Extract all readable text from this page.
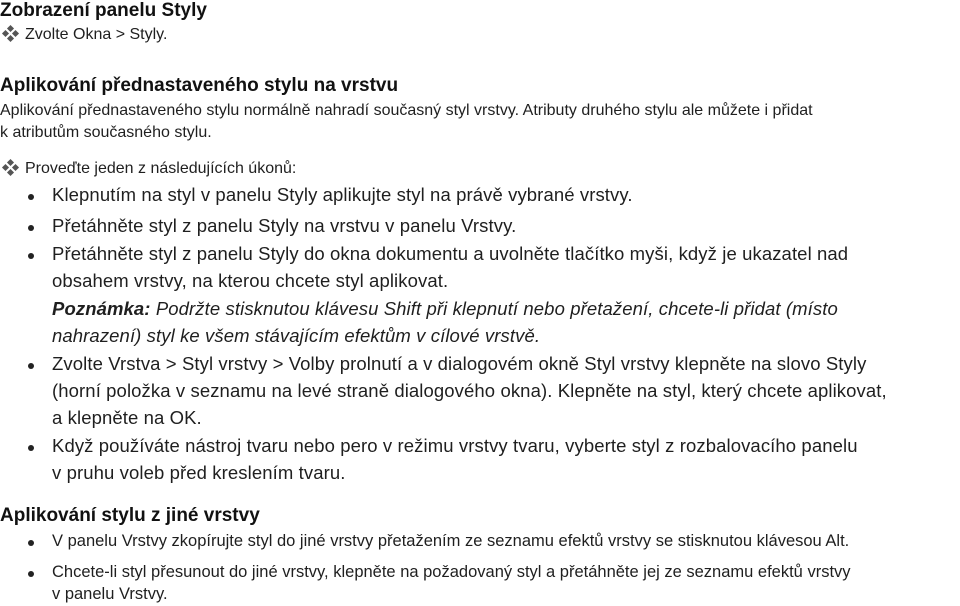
Zobrazení panelu Styly
Zvolte Okna > Styly.
Aplikování přednastaveného stylu na vrstvu
Aplikování přednastaveného stylu normálně nahradí současný styl vrstvy. Atributy druhého stylu ale můžete i přidat
k atributům současného stylu.
Proveďte jeden z následujících úkonů:
Klepnutím na styl v panelu Styly aplikujte styl na právě vybrané vrstvy.
Přetáhněte styl z panelu Styly na vrstvu v panelu Vrstvy.
Přetáhněte styl z panelu Styly do okna dokumentu a uvolněte tlačítko myši, když je ukazatel nad
obsahem vrstvy, na kterou chcete styl aplikovat.
Poznámka: Podržte stisknutou klávesu Shift při klepnutí nebo přetažení, chcete-li přidat (místo
nahrazení) styl ke všem stávajícím efektům v cílové vrstvě.
Zvolte Vrstva > Styl vrstvy > Volby prolnutí a v dialogovém okně Styl vrstvy klepněte na slovo Styly
(horní položka v seznamu na levé straně dialogového okna). Klepněte na styl, který chcete aplikovat,
a klepněte na OK.
Když používáte nástroj tvaru nebo pero v režimu vrstvy tvaru, vyberte styl z rozbalovacího panelu
v pruhu voleb před kreslením tvaru.
Aplikování stylu z jiné vrstvy
V panelu Vrstvy zkopírujte styl do jiné vrstvy přetažením ze seznamu efektů vrstvy se stisknutou klávesou Alt.
Chcete-li styl přesunout do jiné vrstvy, klepněte na požadovaný styl a přetáhněte jej ze seznamu efektů vrstvy
v panelu Vrstvy.
